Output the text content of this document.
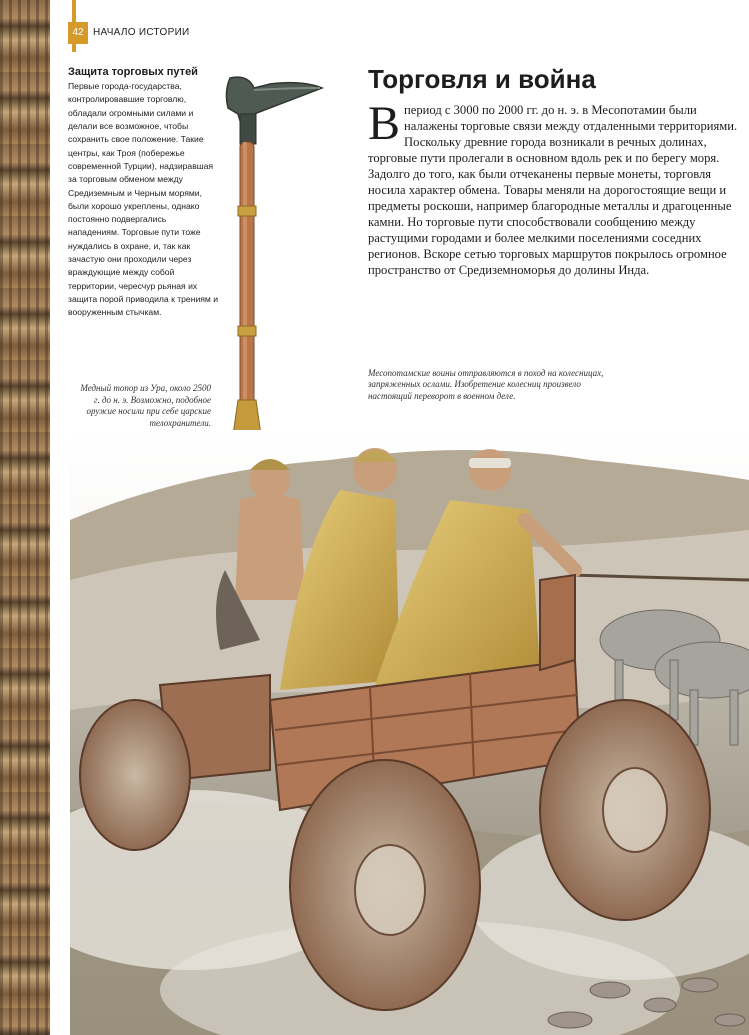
42 НАЧАЛО ИСТОРИИ
Защита торговых путей

Первые города-государства, контролировавшие торговлю, обладали огромными силами и делали все возможное, чтобы сохранить свое положение. Такие центры, как Троя (побережье современной Турции), надзиравшая за торговым обменом между Средиземным и Черным морями, были хорошо укреплены, однако постоянно подвергались нападениям. Торговые пути тоже нуждались в охране, и, так как зачастую они проходили через враждующие между собой территории, чересчур рьяная их защита порой приводила к трениям и вооруженным стычкам.

Медный топор из Ура, около 2500 г. до н. э. Возможно, подобное оружие носили при себе царские телохранители.
Торговля и война
В период с 3000 по 2000 гг. до н. э. в Месопотамии были налажены торговые связи между отдаленными территориями. Поскольку древние города возникали в речных долинах, торговые пути пролегали в основном вдоль рек и по берегу моря. Задолго до того, как были отчеканены первые монеты, торговля носила характер обмена. Товары меняли на дорогостоящие вещи и предметы роскоши, например благородные металлы и драгоценные камни. Но торговые пути способствовали сообщению между растущими городами и более мелкими поселениями соседних регионов. Вскоре сетью торговых маршрутов покрылось огромное пространство от Средиземноморья до долины Инда.

Месопотамские воины отправляются в поход на колесницах, запряженных ослами. Изобретение колесниц произвело настоящий переворот в военном деле.
